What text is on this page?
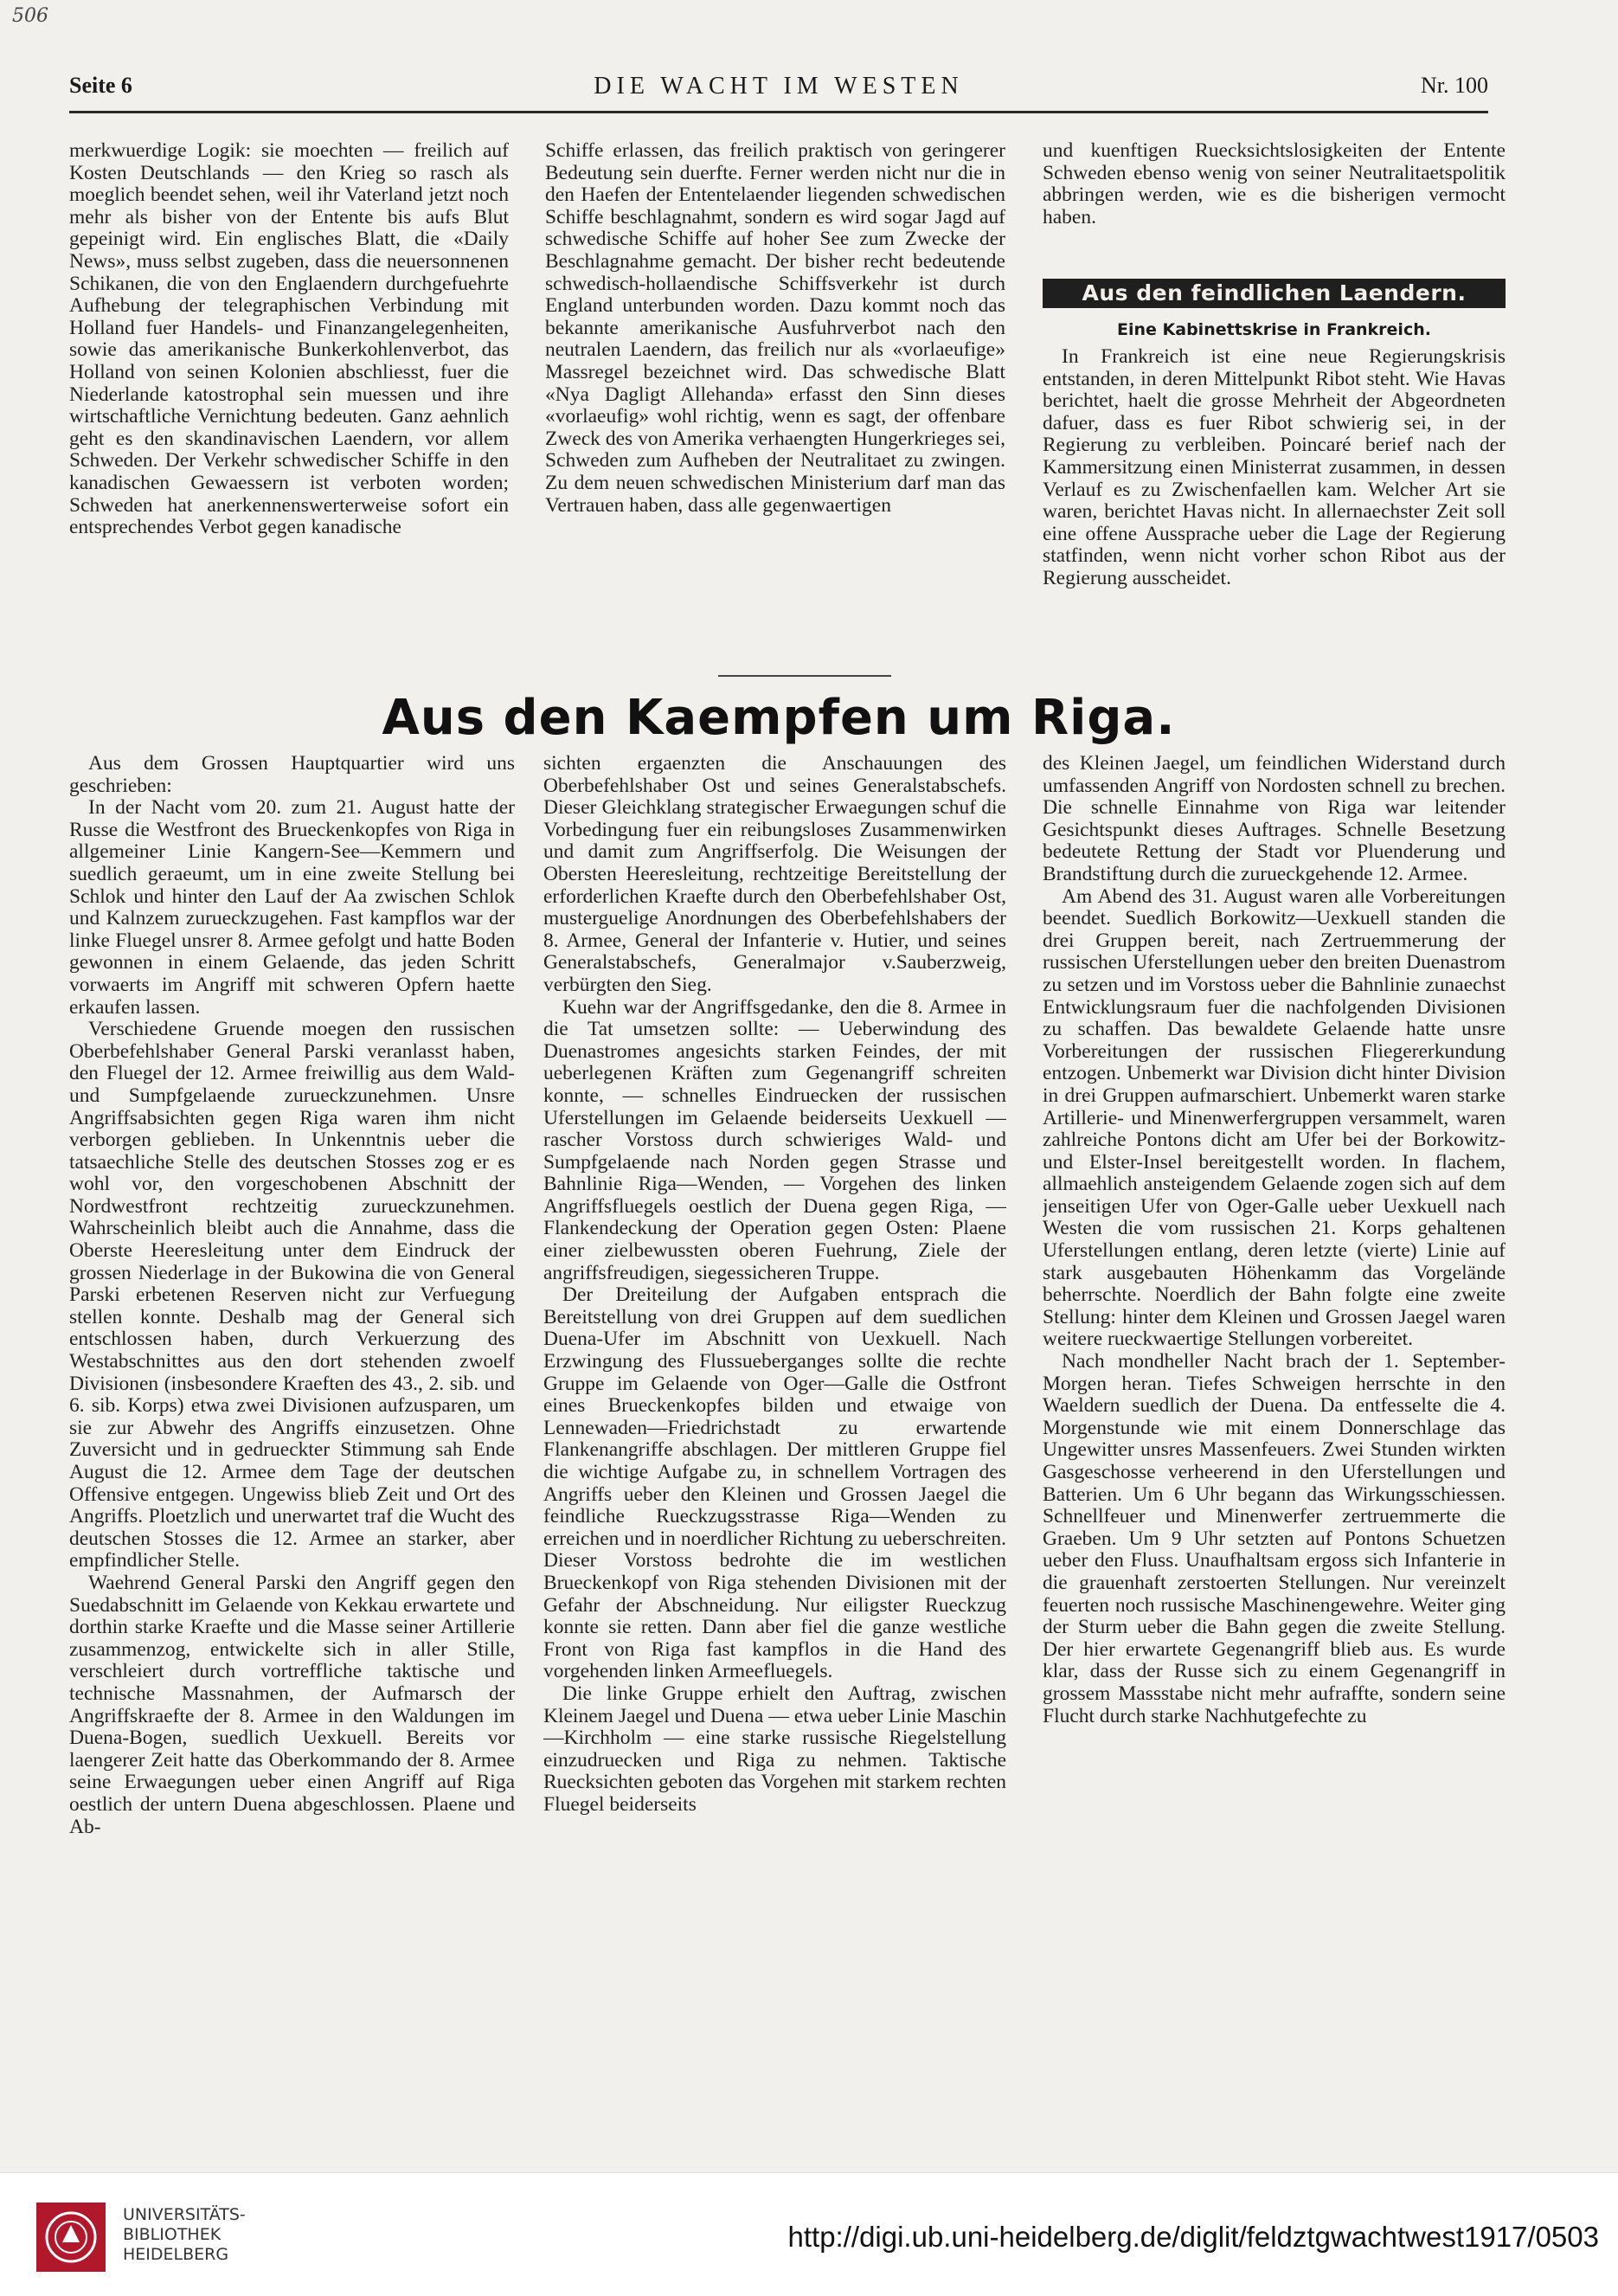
506
Seite 6	DIE WACHT IM WESTEN	Nr. 100

merkwuerdige Logik: sie moechten — freilich auf Kosten Deutschlands — den Krieg so rasch als moeglich beendet sehen, weil ihr Vaterland jetzt noch mehr als bisher von der Entente bis aufs Blut gepeinigt wird. Ein englisches Blatt, die «Daily News», muss selbst zugeben, dass die neuersonnenen Schikanen, die von den Englaendern durchgefuehrte Aufhebung der telegraphischen Verbindung mit Holland fuer Handels- und Finanzangelegenheiten, sowie das amerikanische Bunkerkohlenverbot, das Holland von seinen Kolonien abschliesst, fuer die Niederlande katostrophal sein muessen und ihre wirtschaftliche Vernichtung bedeuten. Ganz aehnlich geht es den skandinavischen Laendern, vor allem Schweden. Der Verkehr schwedischer Schiffe in den kanadischen Gewaessern ist verboten worden; Schweden hat anerkennenswerterweise sofort ein entsprechendes Verbot gegen kanadische

Schiffe erlassen, das freilich praktisch von geringerer Bedeutung sein duerfte. Ferner werden nicht nur die in den Haefen der Ententelaender liegenden schwedischen Schiffe beschlagnahmt, sondern es wird sogar Jagd auf schwedische Schiffe auf hoher See zum Zwecke der Beschlagnahme gemacht. Der bisher recht bedeutende schwedisch-hollaendische Schiffsverkehr ist durch England unterbunden worden. Dazu kommt noch das bekannte amerikanische Ausfuhrverbot nach den neutralen Laendern, das freilich nur als «vorlaeufige» Massregel bezeichnet wird. Das schwedische Blatt «Nya Dagligt Allehanda» erfasst den Sinn dieses «vorlaeufig» wohl richtig, wenn es sagt, der offenbare Zweck des von Amerika verhaengten Hungerkrieges sei, Schweden zum Aufheben der Neutralitaet zu zwingen. Zu dem neuen schwedischen Ministerium darf man das Vertrauen haben, dass alle gegenwaertigen

und kuenftigen Ruecksichtslosigkeiten der Entente Schweden ebenso wenig von seiner Neutralitaetspolitik abbringen werden, wie es die bisherigen vermocht haben.

Aus den feindlichen Laendern.
Eine Kabinettskrise in Frankreich.

In Frankreich ist eine neue Regierungskrisis entstanden, in deren Mittelpunkt Ribot steht. Wie Havas berichtet, haelt die grosse Mehrheit der Abgeordneten dafuer, dass es fuer Ribot schwierig sei, in der Regierung zu verbleiben. Poincaré berief nach der Kammersitzung einen Ministerrat zusammen, in dessen Verlauf es zu Zwischenfaellen kam. Welcher Art sie waren, berichtet Havas nicht. In allernaechster Zeit soll eine offene Aussprache ueber die Lage der Regierung statfinden, wenn nicht vorher schon Ribot aus der Regierung ausscheidet.

Aus den Kaempfen um Riga.

Aus dem Grossen Hauptquartier wird uns geschrieben:

In der Nacht vom 20. zum 21. August hatte der Russe die Westfront des Brueckenkopfes von Riga in allgemeiner Linie Kangern-See—Kemmern und suedlich geraeumt, um in eine zweite Stellung bei Schlok und hinter den Lauf der Aa zwischen Schlok und Kalnzem zurueckzugehen. Fast kampflos war der linke Fluegel unsrer 8. Armee gefolgt und hatte Boden gewonnen in einem Gelaende, das jeden Schritt vorwaerts im Angriff mit schweren Opfern haette erkaufen lassen.

Verschiedene Gruende moegen den russischen Oberbefehlshaber General Parski veranlasst haben, den Fluegel der 12. Armee freiwillig aus dem Wald- und Sumpfgelaende zurueckzunehmen. Unsre Angriffsabsichten gegen Riga waren ihm nicht verborgen geblieben. In Unkenntnis ueber die tatsaechliche Stelle des deutschen Stosses zog er es wohl vor, den vorgeschobenen Abschnitt der Nordwestfront rechtzeitig zurueckzunehmen. Wahrscheinlich bleibt auch die Annahme, dass die Oberste Heeresleitung unter dem Eindruck der grossen Niederlage in der Bukowina die von General Parski erbetenen Reserven nicht zur Verfuegung stellen konnte. Deshalb mag der General sich entschlossen haben, durch Verkuerzung des Westabschnittes aus den dort stehenden zwoelf Divisionen (insbesondere Kraeften des 43., 2. sib. und 6. sib. Korps) etwa zwei Divisionen aufzusparen, um sie zur Abwehr des Angriffs einzusetzen. Ohne Zuversicht und in gedrueckter Stimmung sah Ende August die 12. Armee dem Tage der deutschen Offensive entgegen. Ungewiss blieb Zeit und Ort des Angriffs. Ploetzlich und unerwartet traf die Wucht des deutschen Stosses die 12. Armee an starker, aber empfindlicher Stelle.

Waehrend General Parski den Angriff gegen den Suedabschnitt im Gelaende von Kekkau erwartete und dorthin starke Kraefte und die Masse seiner Artillerie zusammenzog, entwickelte sich in aller Stille, verschleiert durch vortreffliche taktische und technische Massnahmen, der Aufmarsch der Angriffskraefte der 8. Armee in den Waldungen im Duena-Bogen, suedlich Uexkuell. Bereits vor laengerer Zeit hatte das Oberkommando der 8. Armee seine Erwaegungen ueber einen Angriff auf Riga oestlich der untern Duena abgeschlossen. Plaene und Ab-

sichten ergaenzten die Anschauungen des Oberbefehlshaber Ost und seines Generalstabschefs. Dieser Gleichklang strategischer Erwaegungen schuf die Vorbedingung fuer ein reibungsloses Zusammenwirken und damit zum Angriffserfolg. Die Weisungen der Obersten Heeresleitung, rechtzeitige Bereitstellung der erforderlichen Kraefte durch den Oberbefehlshaber Ost, musterguelige Anordnungen des Oberbefehlshabers der 8. Armee, General der Infanterie v. Hutier, und seines Generalstabschefs, Generalmajor v.Sauberzweig, verbürgten den Sieg.

Kuehn war der Angriffsgedanke, den die 8. Armee in die Tat umsetzen sollte: — Ueberwindung des Duenastromes angesichts starken Feindes, der mit ueberlegenen Kräften zum Gegenangriff schreiten konnte, — schnelles Eindruecken der russischen Uferstellungen im Gelaende beiderseits Uexkuell — rascher Vorstoss durch schwieriges Wald- und Sumpfgelaende nach Norden gegen Strasse und Bahnlinie Riga—Wenden, — Vorgehen des linken Angriffsfluegels oestlich der Duena gegen Riga, — Flankendeckung der Operation gegen Osten: Plaene einer zielbewussten oberen Fuehrung, Ziele der angriffsfreudigen, siegessicheren Truppe.

Der Dreiteilung der Aufgaben entsprach die Bereitstellung von drei Gruppen auf dem suedlichen Duena-Ufer im Abschnitt von Uexkuell. Nach Erzwingung des Flussueberganges sollte die rechte Gruppe im Gelaende von Oger—Galle die Ostfront eines Brueckenkopfes bilden und etwaige von Lennewaden—Friedrichstadt zu erwartende Flankenangriffe abschlagen. Der mittleren Gruppe fiel die wichtige Aufgabe zu, in schnellem Vortragen des Angriffs ueber den Kleinen und Grossen Jaegel die feindliche Rueckzugsstrasse Riga—Wenden zu erreichen und in noerdlicher Richtung zu ueberschreiten. Dieser Vorstoss bedrohte die im westlichen Brueckenkopf von Riga stehenden Divisionen mit der Gefahr der Abschneidung. Nur eiligster Rueckzug konnte sie retten. Dann aber fiel die ganze westliche Front von Riga fast kampflos in die Hand des vorgehenden linken Armeefluegels.

Die linke Gruppe erhielt den Auftrag, zwischen Kleinem Jaegel und Duena — etwa ueber Linie Maschin—Kirchholm — eine starke russische Riegelstellung einzudruecken und Riga zu nehmen. Taktische Ruecksichten geboten das Vorgehen mit starkem rechten Fluegel beiderseits

des Kleinen Jaegel, um feindlichen Widerstand durch umfassenden Angriff von Nordosten schnell zu brechen. Die schnelle Einnahme von Riga war leitender Gesichtspunkt dieses Auftrages. Schnelle Besetzung bedeutete Rettung der Stadt vor Pluenderung und Brandstiftung durch die zurueckgehende 12. Armee.

Am Abend des 31. August waren alle Vorbereitungen beendet. Suedlich Borkowitz—Uexkuell standen die drei Gruppen bereit, nach Zertruemmerung der russischen Uferstellungen ueber den breiten Duenastrom zu setzen und im Vorstoss ueber die Bahnlinie zunaechst Entwicklungsraum fuer die nachfolgenden Divisionen zu schaffen. Das bewaldete Gelaende hatte unsre Vorbereitungen der russischen Fliegererkundung entzogen. Unbemerkt war Division dicht hinter Division in drei Gruppen aufmarschiert. Unbemerkt waren starke Artillerie- und Minenwerfergruppen versammelt, waren zahlreiche Pontons dicht am Ufer bei der Borkowitz- und Elster-Insel bereitgestellt worden. In flachem, allmaehlich ansteigendem Gelaende zogen sich auf dem jenseitigen Ufer von Oger-Galle ueber Uexkuell nach Westen die vom russischen 21. Korps gehaltenen Uferstellungen entlang, deren letzte (vierte) Linie auf stark ausgebauten Höhenkamm das Vorgelände beherrschte. Noerdlich der Bahn folgte eine zweite Stellung: hinter dem Kleinen und Grossen Jaegel waren weitere rueckwaertige Stellungen vorbereitet.

Nach mondheller Nacht brach der 1. September-Morgen heran. Tiefes Schweigen herrschte in den Waeldern suedlich der Duena. Da entfesselte die 4. Morgenstunde wie mit einem Donnerschlage das Ungewitter unsres Massenfeuers. Zwei Stunden wirkten Gasgeschosse verheerend in den Uferstellungen und Batterien. Um 6 Uhr begann das Wirkungsschiessen. Schnellfeuer und Minenwerfer zertruemmerte die Graeben. Um 9 Uhr setzten auf Pontons Schuetzen ueber den Fluss. Unaufhaltsam ergoss sich Infanterie in die grauenhaft zerstoerten Stellungen. Nur vereinzelt feuerten noch russische Maschinengewehre. Weiter ging der Sturm ueber die Bahn gegen die zweite Stellung. Der hier erwartete Gegenangriff blieb aus. Es wurde klar, dass der Russe sich zu einem Gegenangriff in grossem Massstabe nicht mehr aufraffte, sondern seine Flucht durch starke Nachhutgefechte zu

UNIVERSITÄTS-
BIBLIOTHEK
HEIDELBERG
http://digi.ub.uni-heidelberg.de/diglit/feldztgwachtwest1917/0503
